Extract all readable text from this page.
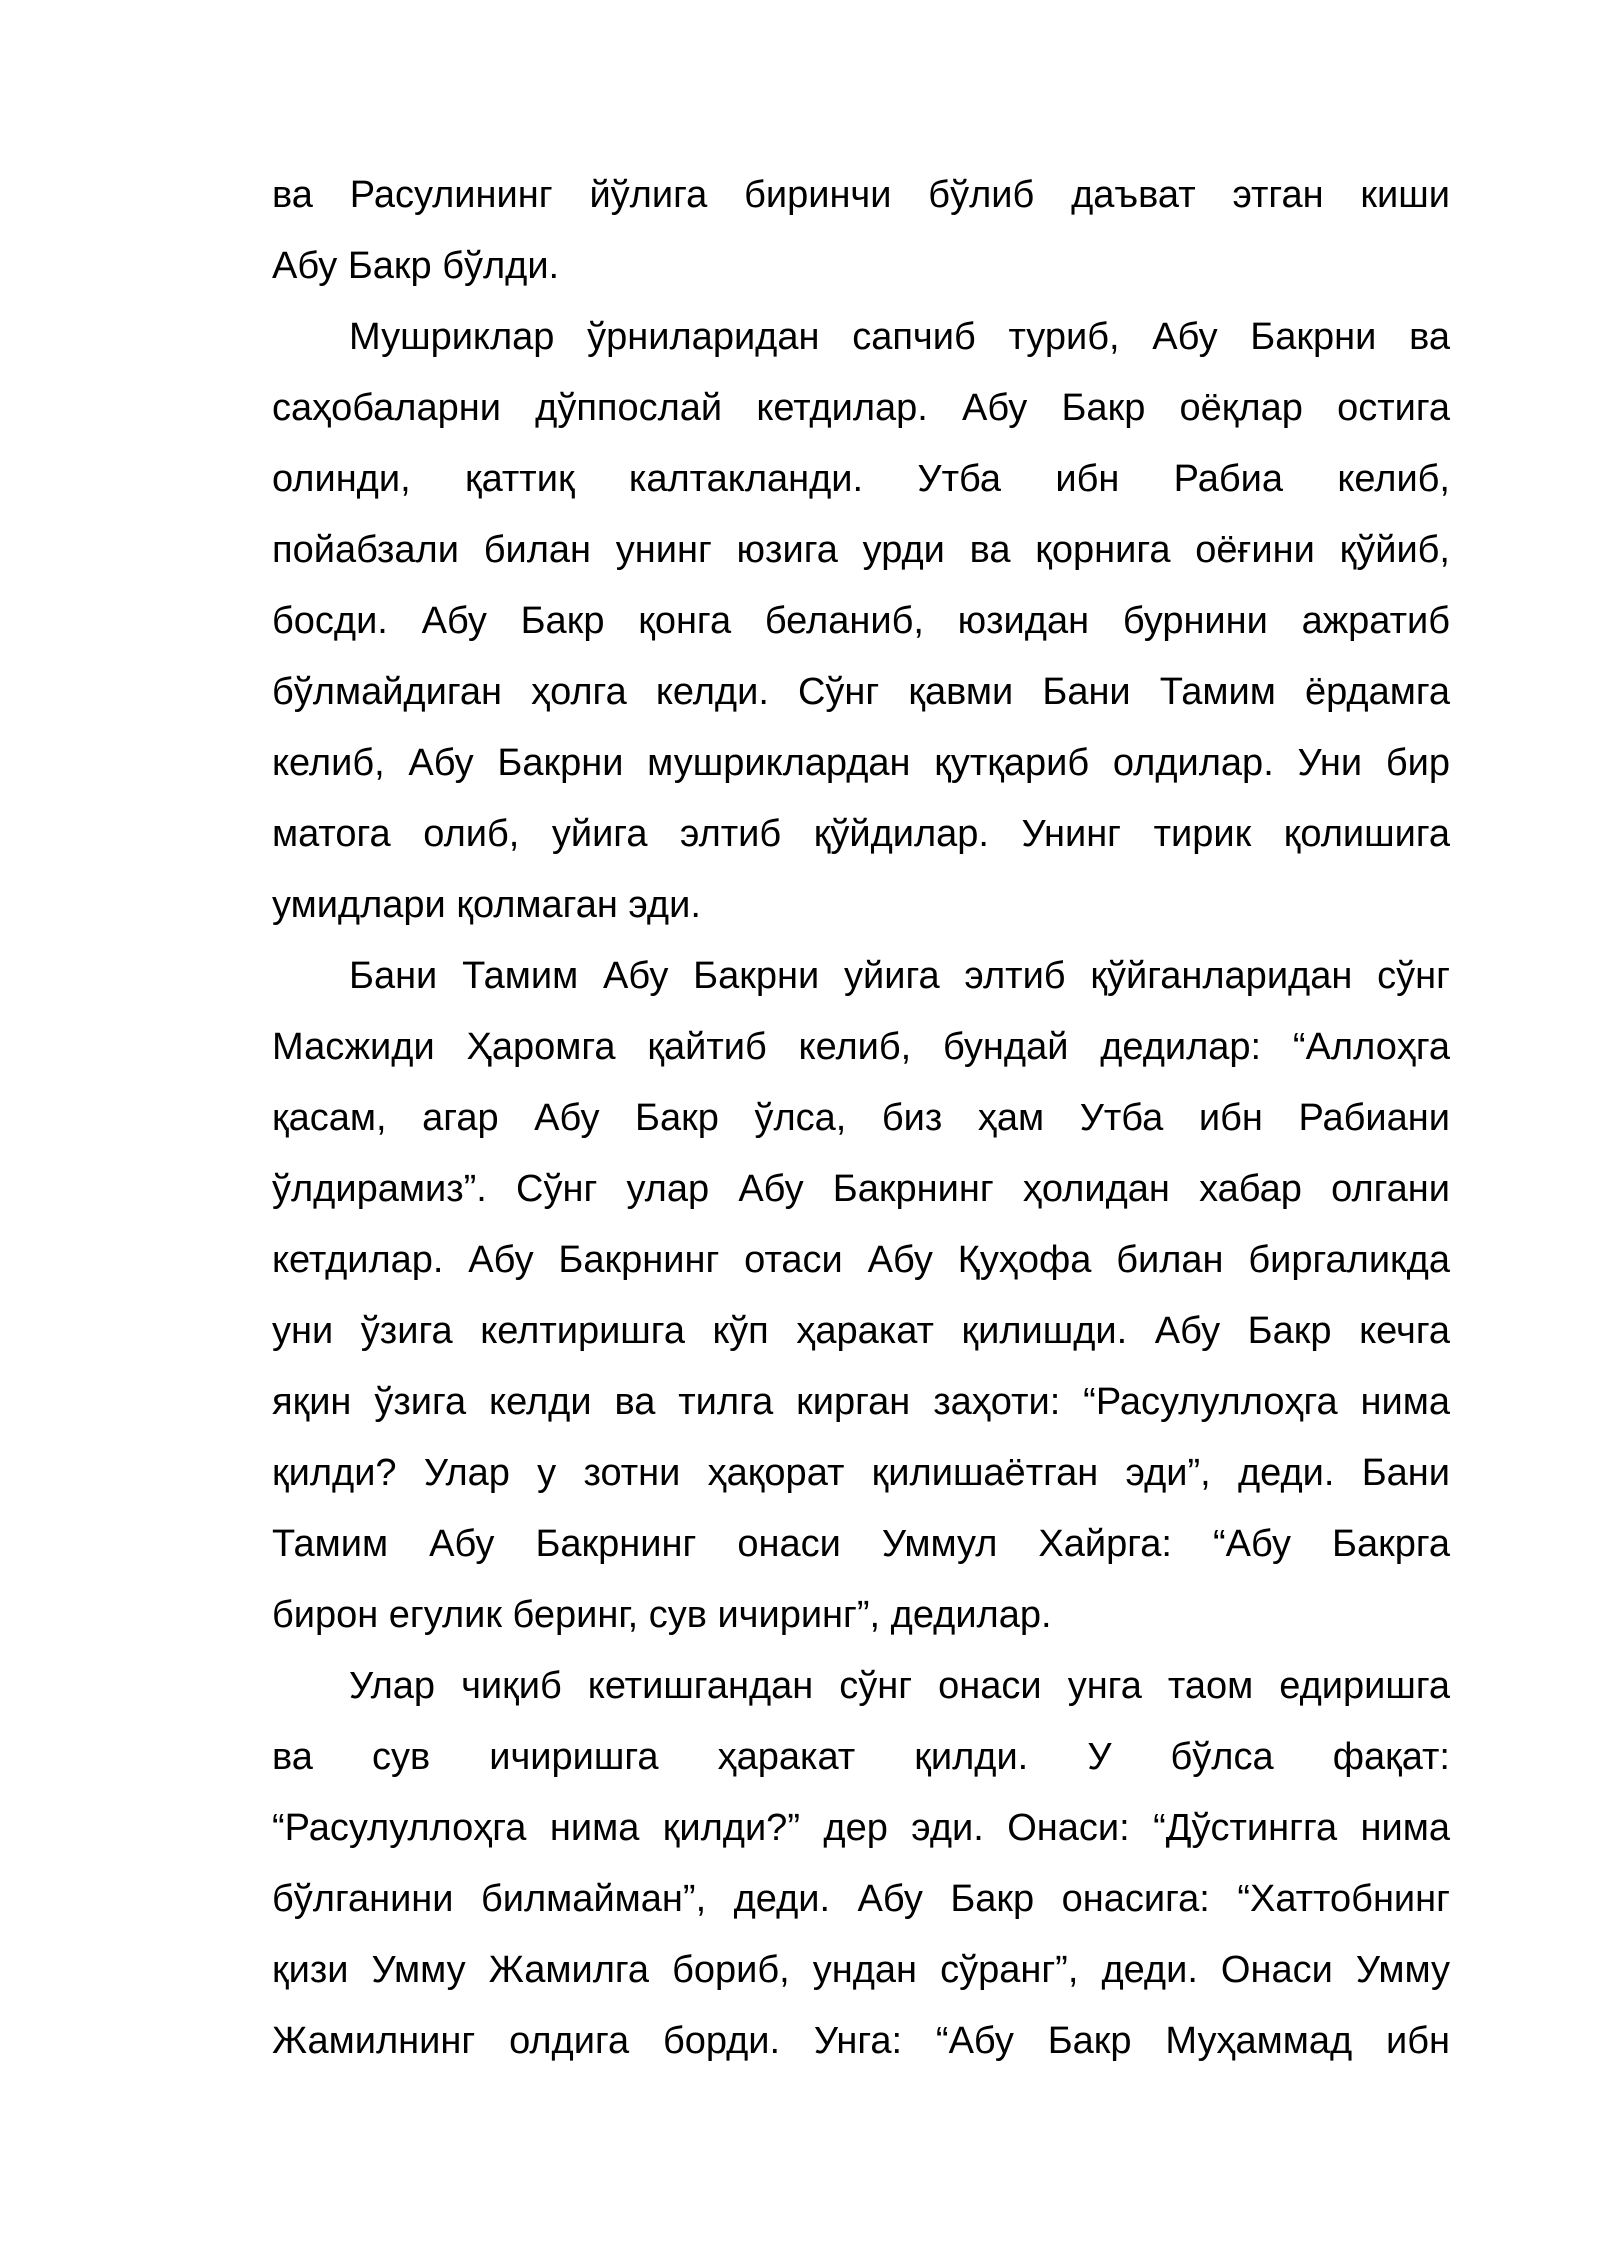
ва Расулининг йўлига биринчи бўлиб даъват этган киши
Абу Бакр бўлди.

Мушриклар ўрниларидан сапчиб туриб, Абу Бакрни ва
саҳобаларни дўппослай кетдилар. Абу Бакр оёқлар остига
олинди, қаттиқ калтакланди. Утба ибн Рабиа келиб,
пойабзали билан унинг юзига урди ва қорнига оёғини қўйиб,
босди. Абу Бакр қонга беланиб, юзидан бурнини ажратиб
бўлмайдиган ҳолга келди. Сўнг қавми Бани Тамим ёрдамга
келиб, Абу Бакрни мушриклардан қутқариб олдилар. Уни бир
матога олиб, уйига элтиб қўйдилар. Унинг тирик қолишига
умидлари қолмаган эди.

Бани Тамим Абу Бакрни уйига элтиб қўйганларидан сўнг
Масжиди Ҳаромга қайтиб келиб, бундай дедилар: “Аллоҳга
қасам, агар Абу Бакр ўлса, биз ҳам Утба ибн Рабиани
ўлдирамиз”. Сўнг улар Абу Бакрнинг ҳолидан хабар олгани
кетдилар. Абу Бакрнинг отаси Абу Қуҳофа билан биргаликда
уни ўзига келтиришга кўп ҳаракат қилишди. Абу Бакр кечга
яқин ўзига келди ва тилга кирган заҳоти: “Расулуллоҳга нима
қилди? Улар у зотни ҳақорат қилишаётган эди”, деди. Бани
Тамим Абу Бакрнинг онаси Уммул Хайрга: “Абу Бакрга
бирон егулик беринг, сув ичиринг”, дедилар.

Улар чиқиб кетишгандан сўнг онаси унга таом едиришга
ва сув ичиришга ҳаракат қилди. У бўлса фақат:
“Расулуллоҳга нима қилди?” дер эди. Онаси: “Дўстингга нима
бўлганини билмайман”, деди. Абу Бакр онасига: “Хаттобнинг
қизи Умму Жамилга бориб, ундан сўранг”, деди. Онаси Умму
Жамилнинг олдига борди. Унга: “Абу Бакр Муҳаммад ибн
